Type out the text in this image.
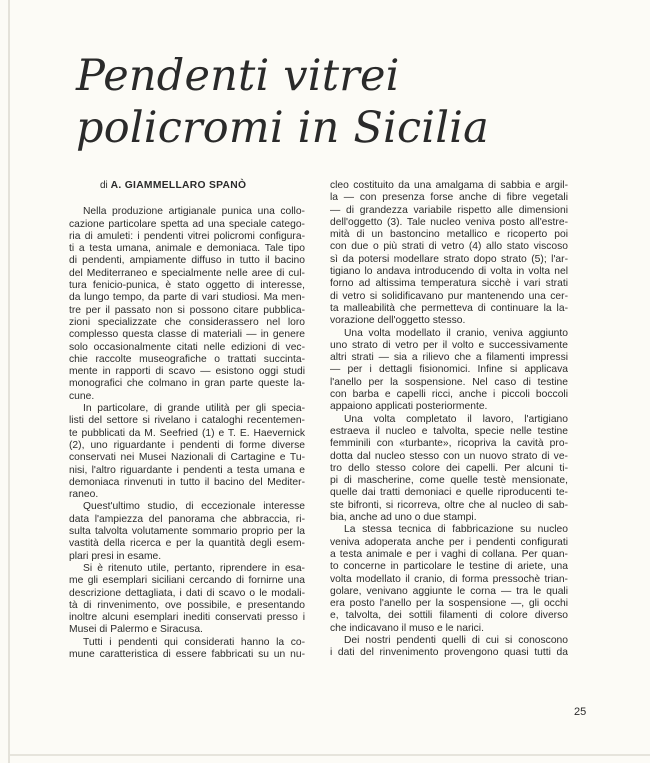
Pendenti vitrei
policromi in Sicilia
di A. GIAMMELLARO SPANÒ
Nella produzione artigianale punica una collo-
cazione particolare spetta ad una speciale catego-
ria di amuleti: i pendenti vitrei policromi configura-
ti a testa umana, animale e demoniaca. Tale tipo
di pendenti, ampiamente diffuso in tutto il bacino
del Mediterraneo e specialmente nelle aree di cul-
tura fenicio-punica, è stato oggetto di interesse,
da lungo tempo, da parte di vari studiosi. Ma men-
tre per il passato non si possono citare pubblica-
zioni specializzate che considerassero nel loro
complesso questa classe di materiali — in genere
solo occasionalmente citati nelle edizioni di vec-
chie raccolte museografiche o trattati succinta-
mente in rapporti di scavo — esistono oggi studi
monografici che colmano in gran parte queste la-
cune.
In particolare, di grande utilità per gli specia-
listi del settore si rivelano i cataloghi recentemen-
te pubblicati da M. Seefried (1) e T. E. Haevernick
(2), uno riguardante i pendenti di forme diverse
conservati nei Musei Nazionali di Cartagine e Tu-
nisi, l'altro riguardante i pendenti a testa umana e
demoniaca rinvenuti in tutto il bacino del Mediter-
raneo.
Quest'ultimo studio, di eccezionale interesse
data l'ampiezza del panorama che abbraccia, ri-
sulta talvolta volutamente sommario proprio per la
vastità della ricerca e per la quantità degli esem-
plari presi in esame.
Si è ritenuto utile, pertanto, riprendere in esa-
me gli esemplari siciliani cercando di fornirne una
descrizione dettagliata, i dati di scavo o le modali-
tà di rinvenimento, ove possibile, e presentando
inoltre alcuni esemplari inediti conservati presso i
Musei di Palermo e Siracusa.
Tutti i pendenti qui considerati hanno la co-
mune caratteristica di essere fabbricati su un nu-
cleo costituito da una amalgama di sabbia e argil-
la — con presenza forse anche di fibre vegetali
— di grandezza variabile rispetto alle dimensioni
dell'oggetto (3). Tale nucleo veniva posto all'estre-
mità di un bastoncino metallico e ricoperto poi
con due o più strati di vetro (4) allo stato viscoso
sì da potersi modellare strato dopo strato (5); l'ar-
tigiano lo andava introducendo di volta in volta nel
forno ad altissima temperatura sicchè i vari strati
di vetro si solidificavano pur mantenendo una cer-
ta malleabilità che permetteva di continuare la la-
vorazione dell'oggetto stesso.
Una volta modellato il cranio, veniva aggiunto
uno strato di vetro per il volto e successivamente
altri strati — sia a rilievo che a filamenti impressi
— per i dettagli fisionomici. Infine si applicava
l'anello per la sospensione. Nel caso di testine
con barba e capelli ricci, anche i piccoli boccoli
appaiono applicati posteriormente.
Una volta completato il lavoro, l'artigiano
estraeva il nucleo e talvolta, specie nelle testine
femminili con «turbante», ricopriva la cavità pro-
dotta dal nucleo stesso con un nuovo strato di ve-
tro dello stesso colore dei capelli. Per alcuni ti-
pi di mascherine, come quelle testè mensionate,
quelle dai tratti demoniaci e quelle riproducenti te-
ste bifronti, si ricorreva, oltre che al nucleo di sab-
bia, anche ad uno o due stampi.
La stessa tecnica di fabbricazione su nucleo
veniva adoperata anche per i pendenti configurati
a testa animale e per i vaghi di collana. Per quan-
to concerne in particolare le testine di ariete, una
volta modellato il cranio, di forma pressochè trian-
golare, venivano aggiunte le corna — tra le quali
era posto l'anello per la sospensione —, gli occhi
e, talvolta, dei sottili filamenti di colore diverso
che indicavano il muso e le narici.
Dei nostri pendenti quelli di cui si conoscono
i dati del rinvenimento provengono quasi tutti da
25
